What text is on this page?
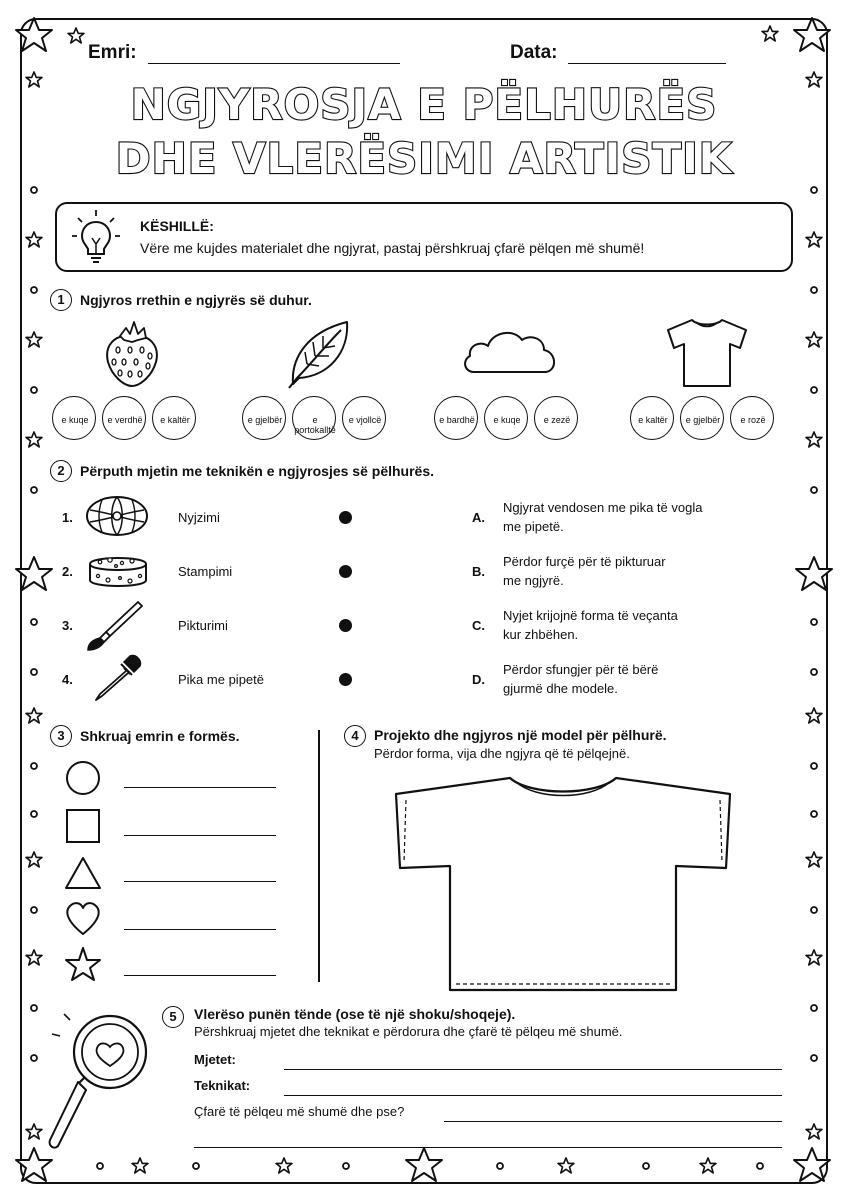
Emri:	Data:
NGJYROSJA E PËLHURËS
DHE VLERËSIMI ARTISTIK
KËSHILLË:
Vëre me kujdes materialet dhe ngjyrat, pastaj përshkruaj çfarë pëlqen më shumë!
1	Ngjyros rrethin e ngjyrës së duhur.
e kuqe	e verdhë	e kaltër	e gjelbër	e portokalltë
e vjollcë	e bardhë	e kuqe	e zezë	e kaltër	e gjelbër	e rozë
2	Përputh mjetin me teknikën e ngjyrosjes së pëlhurës.
1.	Nyjzimi	A.
Ngjyrat vendosen me pika të vogla
me pipetë.
2.	Stampimi	B.
Përdor furçë për të pikturuar
me ngjyrë.
3.	Pikturimi	C.
Nyjet krijojnë forma të veçanta
kur zhbëhen.
4.	Pika me pipetë	D.
Përdor sfungjer për të bërë
gjurmë dhe modele.
3	Shkruaj emrin e formës.	4	Projekto dhe ngjyros një model për pëlhurë.
Përdor forma, vija dhe ngjyra që të pëlqejnë.
5	Vlerëso punën tënde (ose të një shoku/shoqeje).
Përshkruaj mjetet dhe teknikat e përdorura dhe çfarë të pëlqeu më shumë.
Mjetet:
Teknikat:
Çfarë të pëlqeu më shumë dhe pse?
